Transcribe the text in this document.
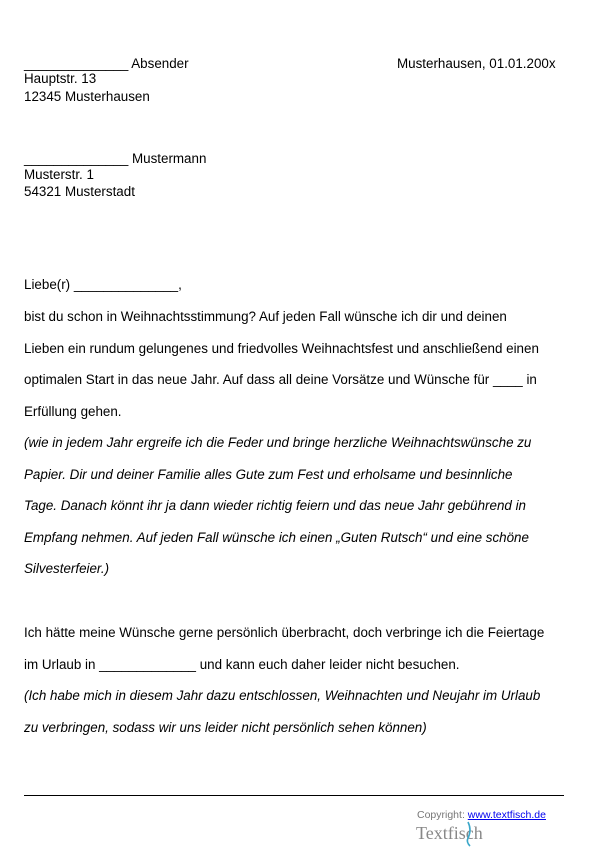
______________ Absender	Musterhausen, 01.01.200x
Hauptstr. 13
12345 Musterhausen
______________ Mustermann
Musterstr. 1
54321 Musterstadt
Liebe(r) ______________,
bist du schon in Weihnachtsstimmung? Auf jeden Fall wünsche ich dir und deinen
Lieben ein rundum gelungenes und friedvolles Weihnachtsfest und anschließend einen
optimalen Start in das neue Jahr. Auf dass all deine Vorsätze und Wünsche für ____ in
Erfüllung gehen.
(wie in jedem Jahr ergreife ich die Feder und bringe herzliche Weihnachtswünsche zu
Papier. Dir und deiner Familie alles Gute zum Fest und erholsame und besinnliche
Tage. Danach könnt ihr ja dann wieder richtig feiern und das neue Jahr gebührend in
Empfang nehmen. Auf jeden Fall wünsche ich einen „Guten Rutsch“ und eine schöne
Silvesterfeier.)
Ich hätte meine Wünsche gerne persönlich überbracht, doch verbringe ich die Feiertage
im Urlaub in _____________ und kann euch daher leider nicht besuchen.
(Ich habe mich in diesem Jahr dazu entschlossen, Weihnachten und Neujahr im Urlaub
zu verbringen, sodass wir uns leider nicht persönlich sehen können)
Copyright: www.textfisch.de
Textfisch
